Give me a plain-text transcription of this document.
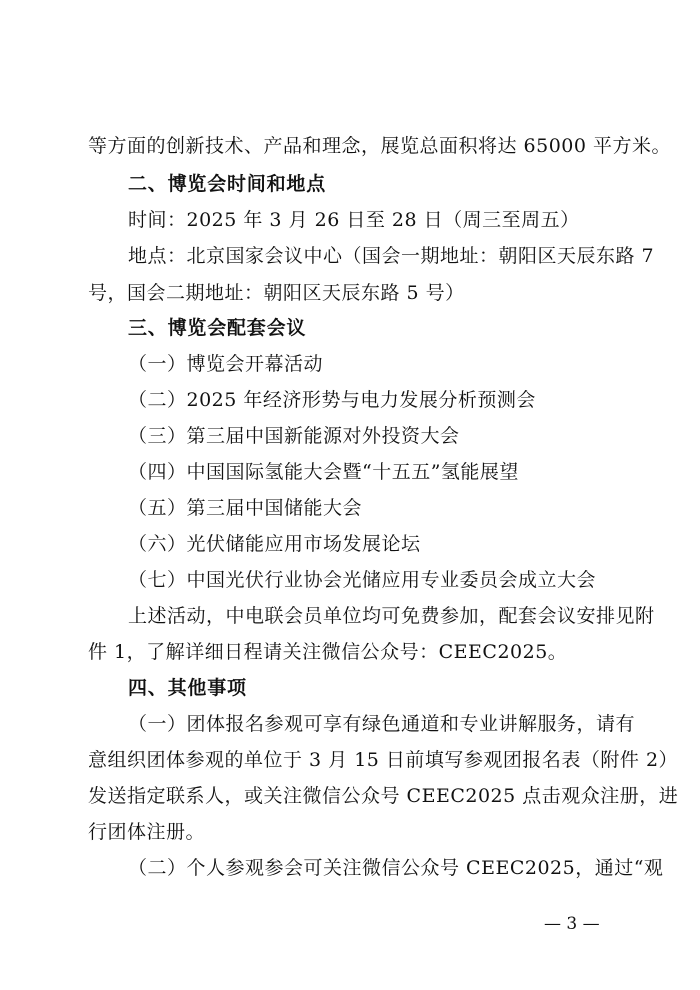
等方面的创新技术、产品和理念，展览总面积将达 65000 平方米。
二、博览会时间和地点
时间：2025 年 3 月 26 日至 28 日（周三至周五）
地点：北京国家会议中心（国会一期地址：朝阳区天辰东路 7
号，国会二期地址：朝阳区天辰东路 5 号）
三、博览会配套会议
（一）博览会开幕活动
（二）2025 年经济形势与电力发展分析预测会
（三）第三届中国新能源对外投资大会
（四）中国国际氢能大会暨“十五五”氢能展望
（五）第三届中国储能大会
（六）光伏储能应用市场发展论坛
（七）中国光伏行业协会光储应用专业委员会成立大会
上述活动，中电联会员单位均可免费参加，配套会议安排见附
件 1，了解详细日程请关注微信公众号：CEEC2025。
四、其他事项
（一）团体报名参观可享有绿色通道和专业讲解服务，请有
意组织团体参观的单位于 3 月 15 日前填写参观团报名表（附件 2）
发送指定联系人，或关注微信公众号 CEEC2025 点击观众注册，进
行团体注册。
（二）个人参观参会可关注微信公众号 CEEC2025，通过“观
— 3 —
